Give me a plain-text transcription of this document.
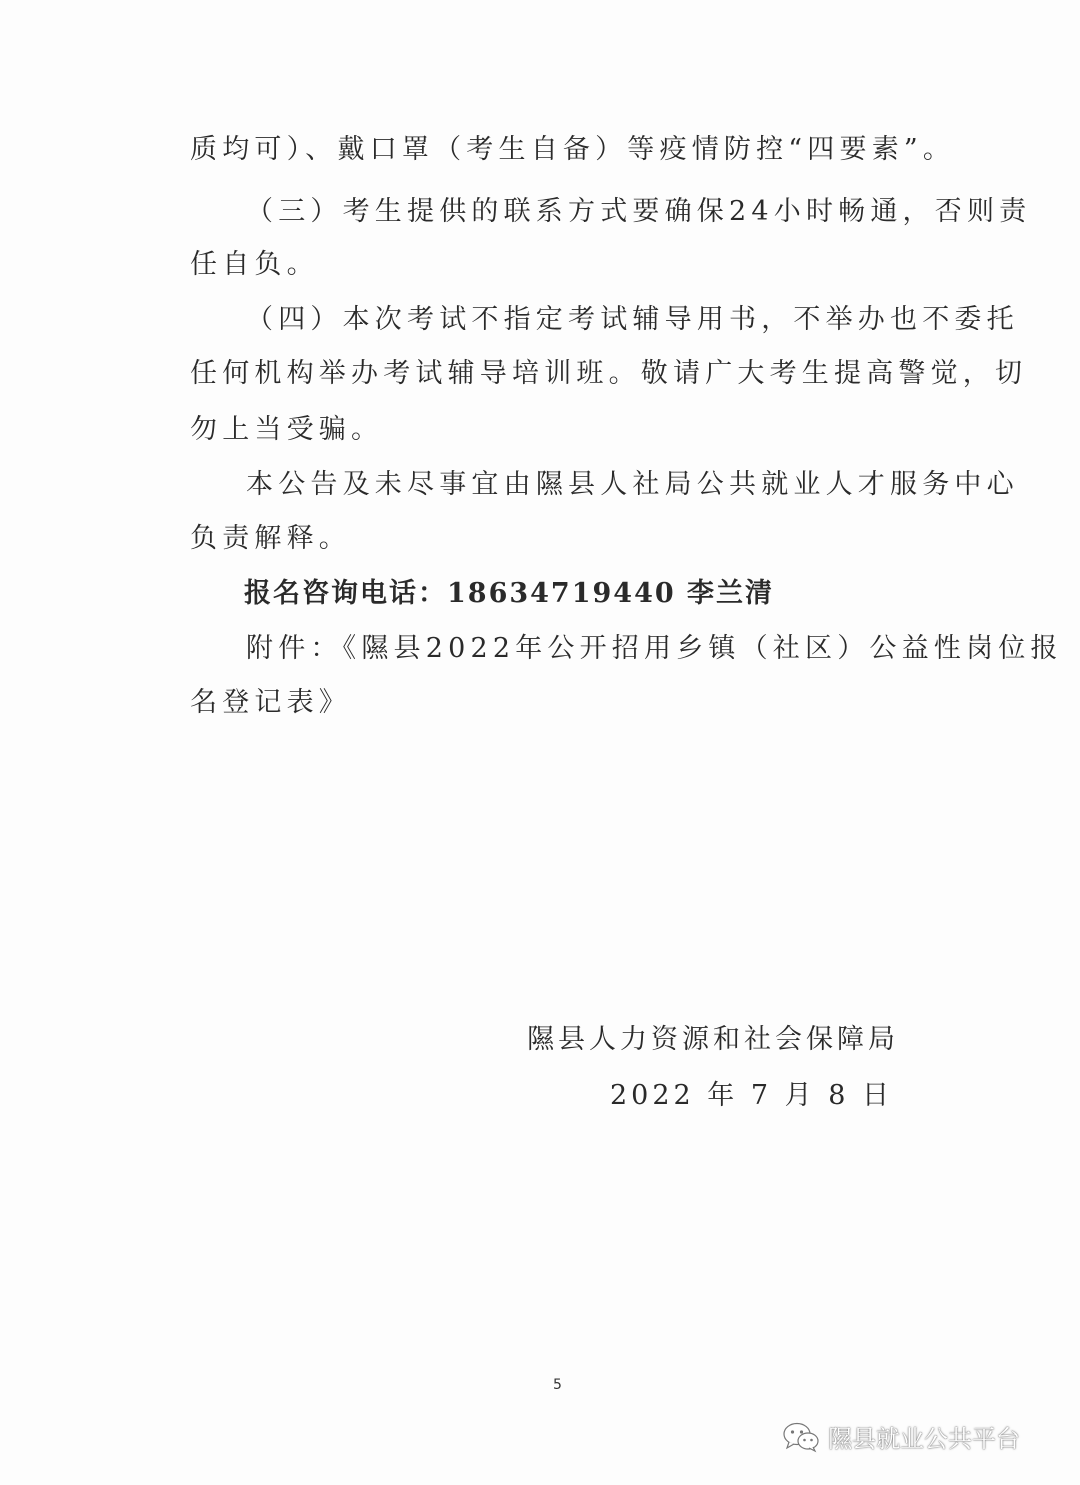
质均可）、戴口罩（考生自备）等疫情防控“四要素”。
（三）考生提供的联系方式要确保24小时畅通，否则责
任自负。
（四）本次考试不指定考试辅导用书，不举办也不委托
任何机构举办考试辅导培训班。敬请广大考生提高警觉，切
勿上当受骗。
本公告及未尽事宜由隰县人社局公共就业人才服务中心
负责解释。
报名咨询电话：18634719440 李兰清
附件：《隰县2022年公开招用乡镇（社区）公益性岗位报
名登记表》
隰县人力资源和社会保障局
2022 年 7 月 8 日
5
隰县就业公共平台
